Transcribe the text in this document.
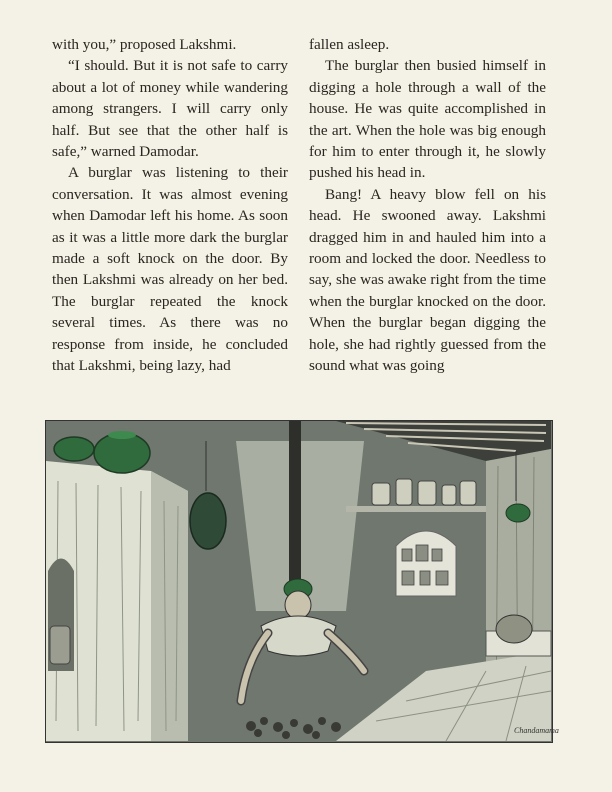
with you,” proposed Lakshmi.

“I should. But it is not safe to carry about a lot of money while wandering among strangers. I will carry only half. But see that the other half is safe,” warned Damodar.

A burglar was listening to their conversation. It was almost evening when Damodar left his home. As soon as it was a little more dark the burglar made a soft knock on the door. By then Lakshmi was already on her bed. The burglar repeated the knock several times. As there was no response from inside, he concluded that Lakshmi, being lazy, had

fallen asleep.

The burglar then busied himself in digging a hole through a wall of the house. He was quite accomplished in the art. When the hole was big enough for him to enter through it, he slowly pushed his head in.

Bang! A heavy blow fell on his head. He swooned away. Lakshmi dragged him in and hauled him into a room and locked the door. Needless to say, she was awake right from the time when the burglar knocked on the door. When the burglar began digging the hole, she had rightly guessed from the sound what was going

Chandamama
